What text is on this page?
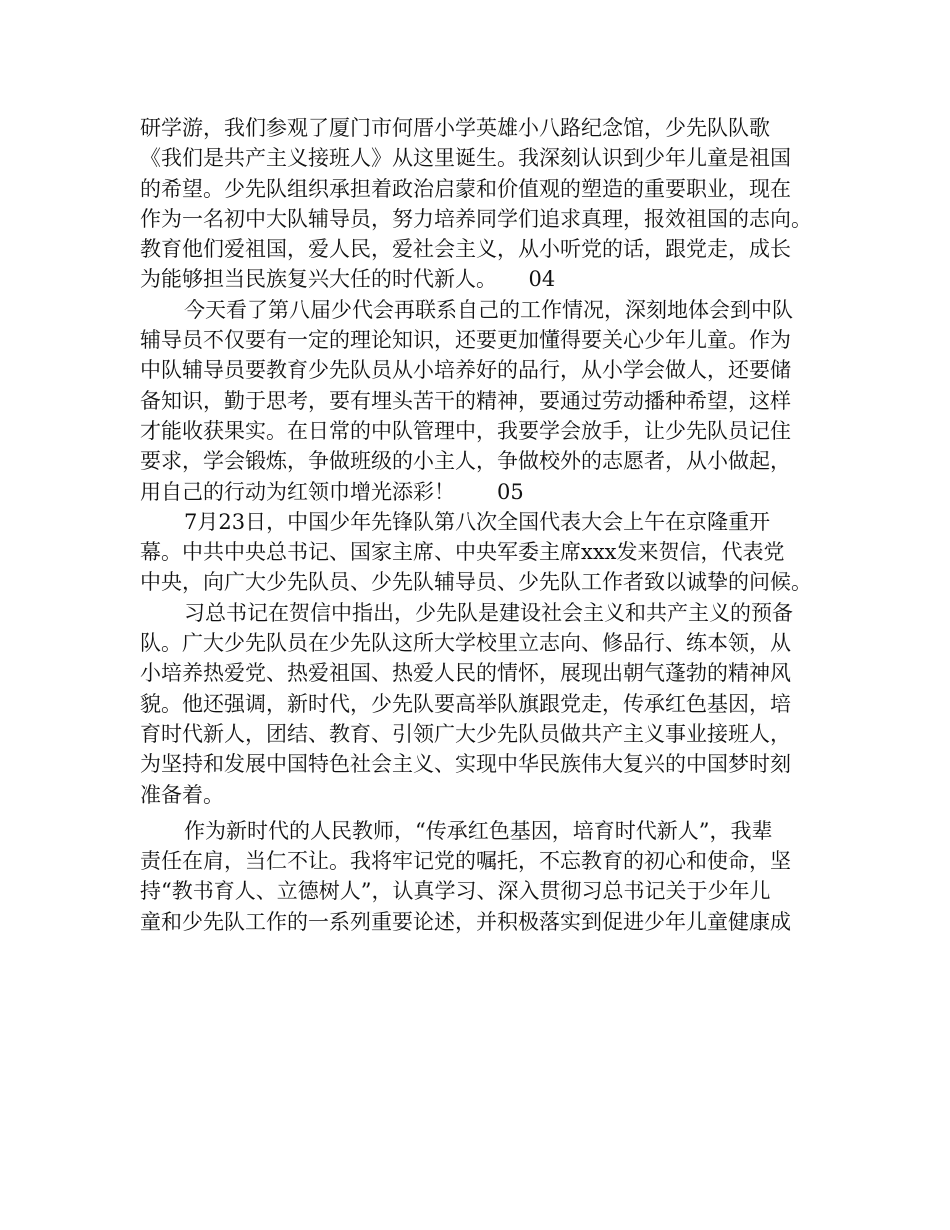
研学游，我们参观了厦门市何厝小学英雄小八路纪念馆，少先队队歌
《我们是共产主义接班人》从这里诞生。我深刻认识到少年儿童是祖国
的希望。少先队组织承担着政治启蒙和价值观的塑造的重要职业，现在
作为一名初中大队辅导员，努力培养同学们追求真理，报效祖国的志向。
教育他们爱祖国，爱人民，爱社会主义，从小听党的话，跟党走，成长
为能够担当民族复兴大任的时代新人。　　04
今天看了第八届少代会再联系自己的工作情况，深刻地体会到中队
辅导员不仅要有一定的理论知识，还要更加懂得要关心少年儿童。作为
中队辅导员要教育少先队员从小培养好的品行，从小学会做人，还要储
备知识，勤于思考，要有埋头苦干的精神，要通过劳动播种希望，这样
才能收获果实。在日常的中队管理中，我要学会放手，让少先队员记住
要求，学会锻炼，争做班级的小主人，争做校外的志愿者，从小做起，
用自己的行动为红领巾增光添彩！　　05
7月23日，中国少年先锋队第八次全国代表大会上午在京隆重开
幕。中共中央总书记、国家主席、中央军委主席xxx发来贺信，代表党
中央，向广大少先队员、少先队辅导员、少先队工作者致以诚挚的问候。
习总书记在贺信中指出，少先队是建设社会主义和共产主义的预备
队。广大少先队员在少先队这所大学校里立志向、修品行、练本领，从
小培养热爱党、热爱祖国、热爱人民的情怀，展现出朝气蓬勃的精神风
貌。他还强调，新时代，少先队要高举队旗跟党走，传承红色基因，培
育时代新人，团结、教育、引领广大少先队员做共产主义事业接班人，
为坚持和发展中国特色社会主义、实现中华民族伟大复兴的中国梦时刻
准备着。
作为新时代的人民教师，“传承红色基因，培育时代新人”，我辈
责任在肩，当仁不让。我将牢记党的嘱托，不忘教育的初心和使命，坚
持“教书育人、立德树人”，认真学习、深入贯彻习总书记关于少年儿
童和少先队工作的一系列重要论述，并积极落实到促进少年儿童健康成
